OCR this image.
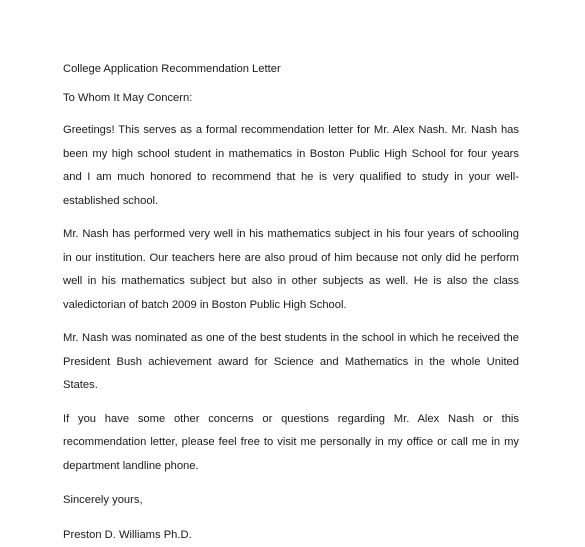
College Application Recommendation Letter

To Whom It May Concern:

Greetings! This serves as a formal recommendation letter for Mr. Alex Nash. Mr. Nash has been my high school student in mathematics in Boston Public High School for four years and I am much honored to recommend that he is very qualified to study in your well-established school.

Mr. Nash has performed very well in his mathematics subject in his four years of schooling in our institution. Our teachers here are also proud of him because not only did he perform well in his mathematics subject but also in other subjects as well. He is also the class valedictorian of batch 2009 in Boston Public High School.

Mr. Nash was nominated as one of the best students in the school in which he received the President Bush achievement award for Science and Mathematics in the whole United States.

If you have some other concerns or questions regarding Mr. Alex Nash or this recommendation letter, please feel free to visit me personally in my office or call me in my department landline phone.

Sincerely yours,

Preston D. Williams Ph.D.
